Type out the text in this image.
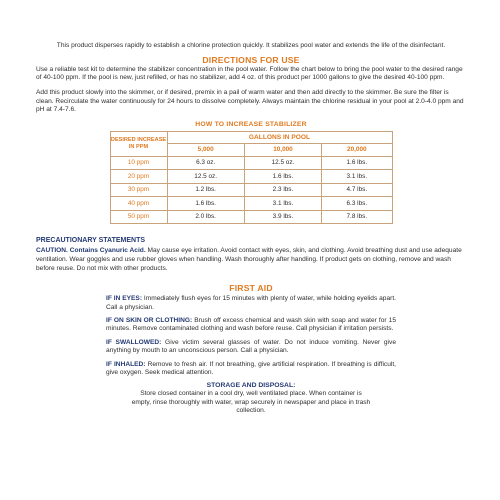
This product disperses rapidly to establish a chlorine protection quickly. It stabilizes pool water and extends the life of the disinfectant.

DIRECTIONS FOR USE

Use a reliable test kit to determine the stabilizer concentration in the pool water. Follow the chart below to bring the pool water to the desired range of 40-100 ppm. If the pool is new, just refilled, or has no stabilizer, add 4 oz. of this product per 1000 gallons to give the desired 40-100 ppm.

Add this product slowly into the skimmer, or if desired, premix in a pail of warm water and then add directly to the skimmer. Be sure the filter is clean. Recirculate the water continuously for 24 hours to dissolve completely. Always maintain the chlorine residual in your pool at 2.0-4.0 ppm and pH at 7.4-7.6.

HOW TO INCREASE STABILIZER
DESIRED INCREASE IN PPM	GALLONS IN POOL		
	5,000	10,000	20,000
10 ppm	6.3 oz.	12.5 oz.	1.6 lbs.
20 ppm	12.5 oz.	1.6 lbs.	3.1 lbs.
30 ppm	1.2 lbs.	2.3 lbs.	4.7 lbs.
40 ppm	1.6 lbs.	3.1 lbs.	6.3 lbs.
50 ppm	2.0 lbs.	3.9 lbs.	7.8 lbs.
PRECAUTIONARY STATEMENTS

CAUTION. Contains Cyanuric Acid. May cause eye irritation. Avoid contact with eyes, skin, and clothing. Avoid breathing dust and use adequate ventilation. Wear goggles and use rubber gloves when handling. Wash thoroughly after handling. If product gets on clothing, remove and wash before reuse. Do not mix with other products.

FIRST AID

IF IN EYES: Immediately flush eyes for 15 minutes with plenty of water, while holding eyelids apart. Call a physician.

IF ON SKIN OR CLOTHING: Brush off excess chemical and wash skin with soap and water for 15 minutes. Remove contaminated clothing and wash before reuse. Call physician if irritation persists.

IF SWALLOWED: Give victim several glasses of water. Do not induce vomiting. Never give anything by mouth to an unconscious person. Call a physician.

IF INHALED: Remove to fresh air. If not breathing, give artificial respiration. If breathing is difficult, give oxygen. Seek medical attention.

STORAGE AND DISPOSAL:

Store closed container in a cool dry, well ventilated place. When container is empty, rinse thoroughly with water, wrap securely in newspaper and place in trash collection.
